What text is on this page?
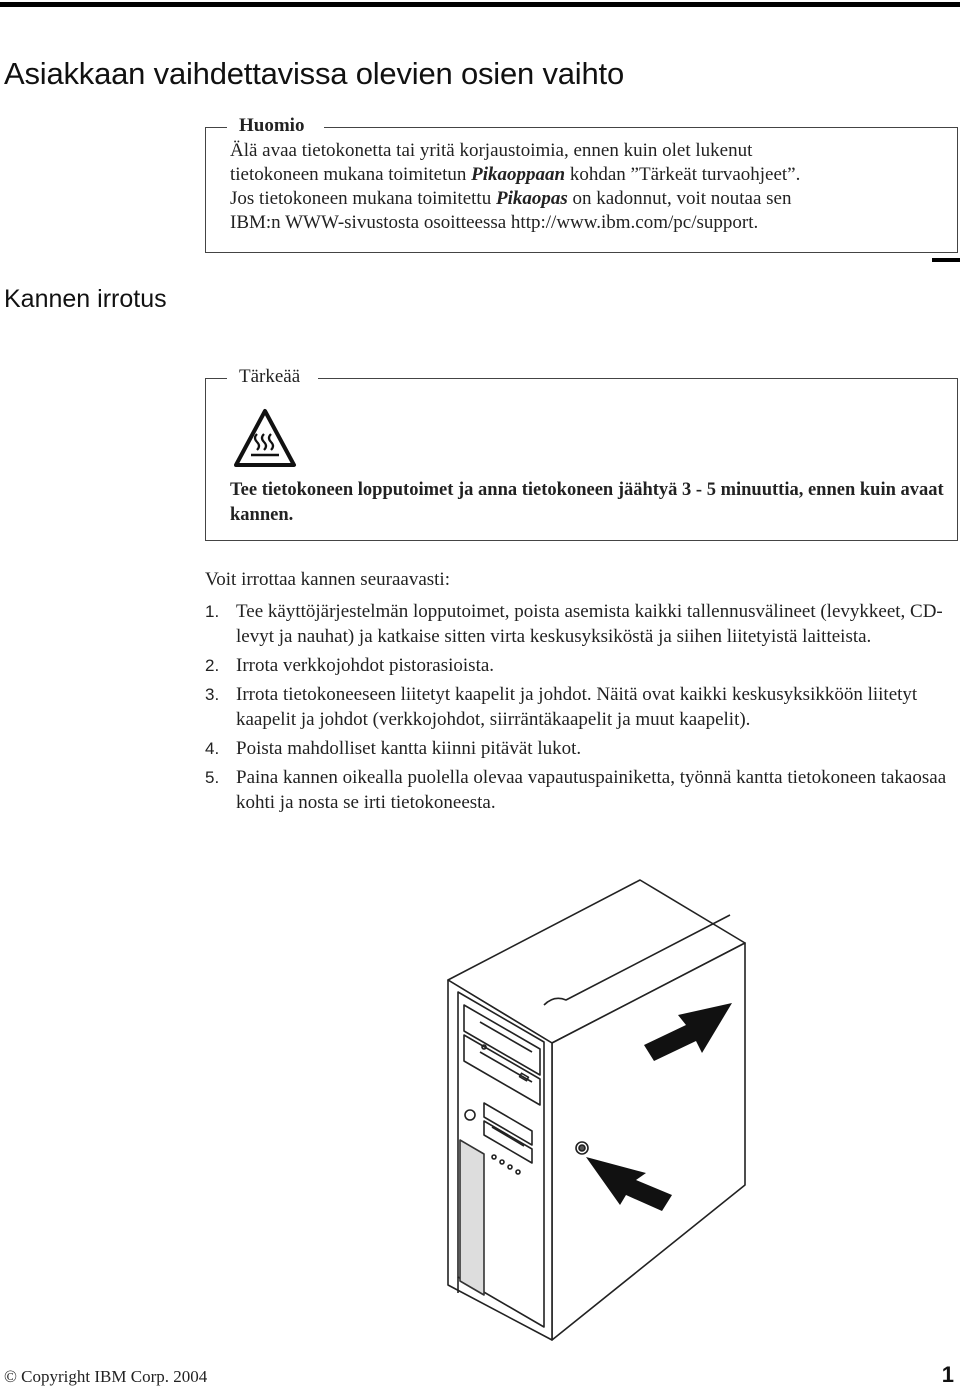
Asiakkaan vaihdettavissa olevien osien vaihto
Huomio

Älä avaa tietokonetta tai yritä korjaustoimia, ennen kuin olet lukenut

tietokoneen mukana toimitetun Pikaoppaan kohdan ”Tärkeät turvaohjeet”.

Jos tietokoneen mukana toimitettu Pikaopas on kadonnut, voit noutaa sen

IBM:n WWW-sivustosta osoitteessa http://www.ibm.com/pc/support.

Kannen irrotus
Tärkeää
Tee tietokoneen lopputoimet ja anna tietokoneen jäähtyä 3 - 5 minuuttia, ennen kuin avaat kannen.

Voit irrottaa kannen seuraavasti:

1. Tee käyttöjärjestelmän lopputoimet, poista asemista kaikki tallennusvälineet (levykkeet, CD-levyt ja nauhat) ja katkaise sitten virta keskusyksiköstä ja siihen liitetyistä laitteista.
2. Irrota verkkojohdot pistorasioista.
3. Irrota tietokoneeseen liitetyt kaapelit ja johdot. Näitä ovat kaikki keskusyksikköön liitetyt kaapelit ja johdot (verkkojohdot, siirräntäkaapelit ja muut kaapelit).
4. Poista mahdolliset kantta kiinni pitävät lukot.
5. Paina kannen oikealla puolella olevaa vapautuspainiketta, työnnä kantta tietokoneen takaosaa kohti ja nosta se irti tietokoneesta.
© Copyright IBM Corp. 2004	1
